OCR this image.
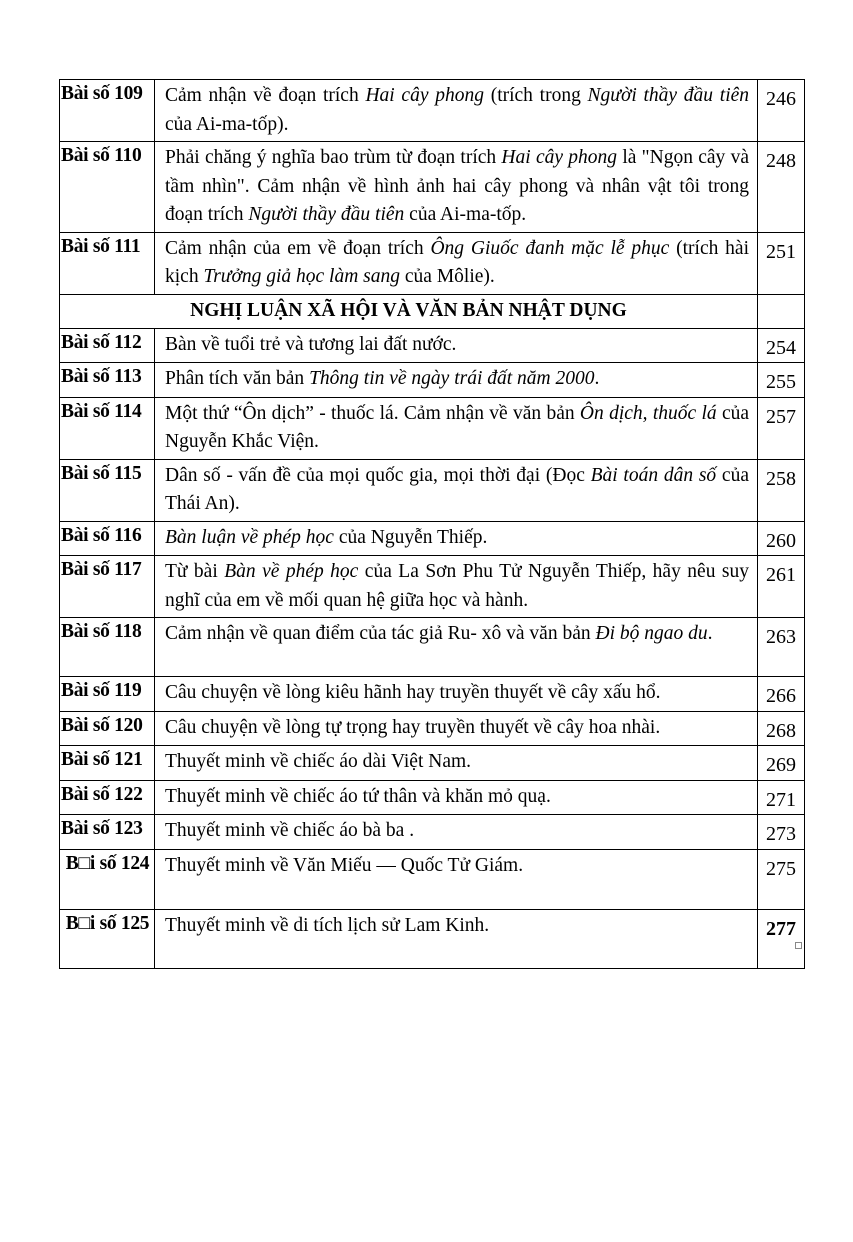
Bài số 109	Cảm nhận về đoạn trích Hai cây phong (trích trong Người thầy đầu tiên của Ai-ma-tốp).	246
Bài số 110	Phải chăng ý nghĩa bao trùm từ đoạn trích Hai cây phong là "Ngọn cây và tầm nhìn". Cảm nhận về hình ảnh hai cây phong và nhân vật tôi trong đoạn trích Người thầy đầu tiên của Ai-ma-tốp.	248
Bài số 111	Cảm nhận của em về đoạn trích Ông Giuốc đanh mặc lễ phục (trích hài kịch Trưởng giả học làm sang của Môlie).	251
NGHỊ LUẬN XÃ HỘI VÀ VĂN BẢN NHẬT DỤNG		
Bài số 112	Bàn về tuổi trẻ và tương lai đất nước.	254
Bài số 113	Phân tích văn bản Thông tin về ngày trái đất năm 2000.	255
Bài số 114	Một thứ “Ôn dịch” - thuốc lá. Cảm nhận về văn bản Ôn dịch, thuốc lá của Nguyễn Khắc Viện.	257
Bài số 115	Dân số - vấn đề của mọi quốc gia, mọi thời đại (Đọc Bài toán dân số của Thái An).	258
Bài số 116	Bàn luận về phép học của Nguyễn Thiếp.	260
Bài số 117	Từ bài Bàn về phép học của La Sơn Phu Tử Nguyễn Thiếp, hãy nêu suy nghĩ của em về mối quan hệ giữa học và hành.	261
Bài số 118	Cảm nhận về quan điểm của tác giả Ru- xô và văn bản Đi bộ ngao du.	263
Bài số 119	Câu chuyện về lòng kiêu hãnh hay truyền thuyết về cây xấu hổ.	266
Bài số 120	Câu chuyện về lòng tự trọng hay truyền thuyết về cây hoa nhài.	268
Bài số 121	Thuyết minh về chiếc áo dài Việt Nam.	269
Bài số 122	Thuyết minh về chiếc áo tứ thân và khăn mỏ quạ.	271
Bài số 123	Thuyết minh về chiếc áo bà ba .	273
B□i số 124	Thuyết minh về Văn Miếu — Quốc Tử Giám.	275
B□i số 125	Thuyết minh về di tích lịch sử Lam Kinh.	277
